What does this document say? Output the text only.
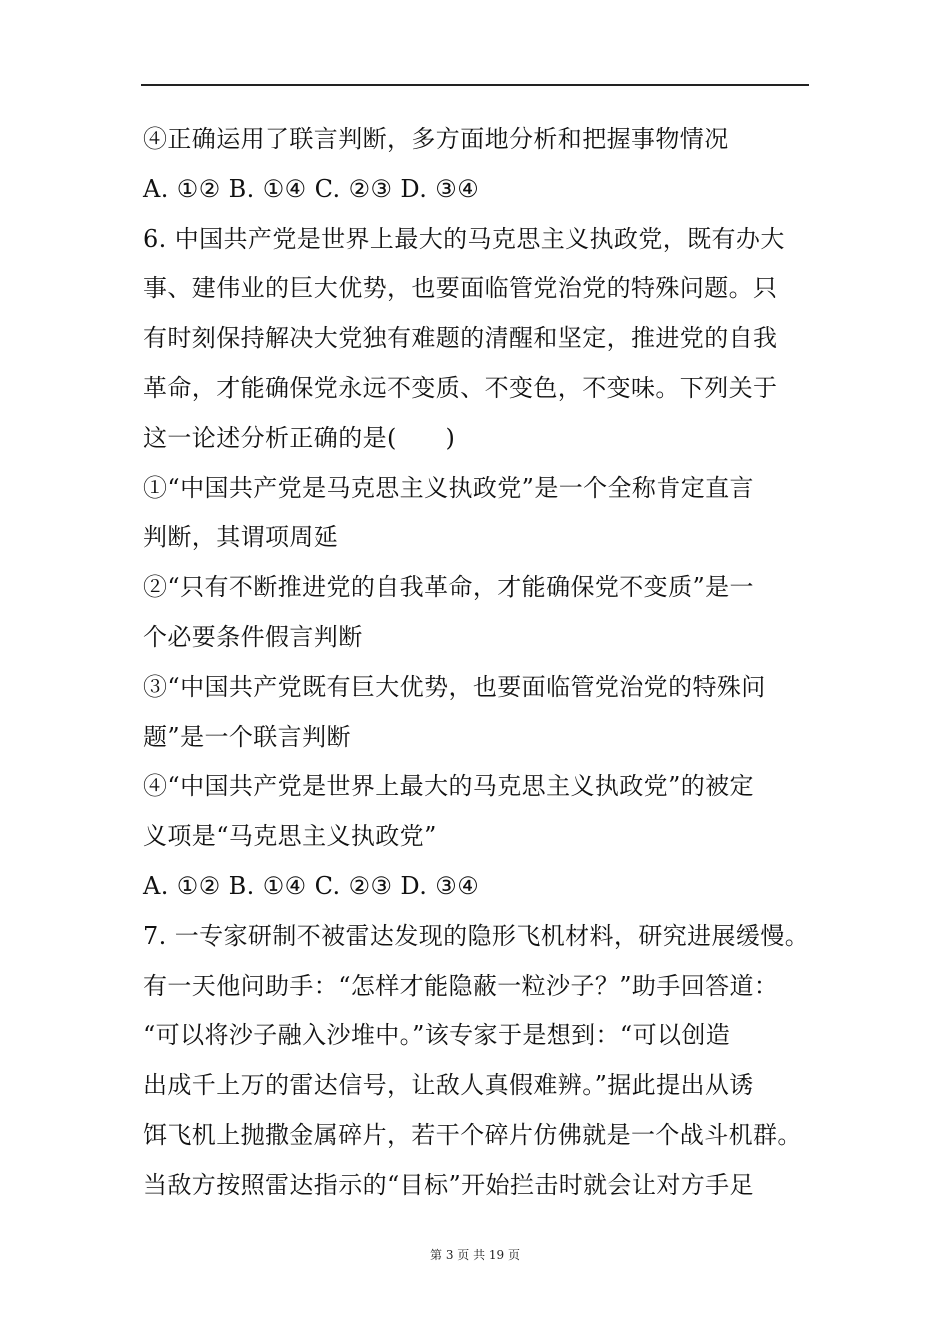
④正确运用了联言判断，多方面地分析和把握事物情况
A. ①② B. ①④ C. ②③ D. ③④
6. 中国共产党是世界上最大的马克思主义执政党，既有办大
事、建伟业的巨大优势，也要面临管党治党的特殊问题。只
有时刻保持解决大党独有难题的清醒和坚定，推进党的自我
革命，才能确保党永远不变质、不变色，不变味。下列关于
这一论述分析正确的是(　　)
①“中国共产党是马克思主义执政党”是一个全称肯定直言
判断，其谓项周延
②“只有不断推进党的自我革命，才能确保党不变质”是一
个必要条件假言判断
③“中国共产党既有巨大优势，也要面临管党治党的特殊问
题”是一个联言判断
④“中国共产党是世界上最大的马克思主义执政党”的被定
义项是“马克思主义执政党”
A. ①② B. ①④ C. ②③ D. ③④
7. 一专家研制不被雷达发现的隐形飞机材料，研究进展缓慢。
有一天他问助手：“怎样才能隐蔽一粒沙子？”助手回答道：
“可以将沙子融入沙堆中。”该专家于是想到：“可以创造
出成千上万的雷达信号，让敌人真假难辨。”据此提出从诱
饵飞机上抛撒金属碎片，若干个碎片仿佛就是一个战斗机群。
当敌方按照雷达指示的“目标”开始拦击时就会让对方手足
第 3 页 共 19 页
